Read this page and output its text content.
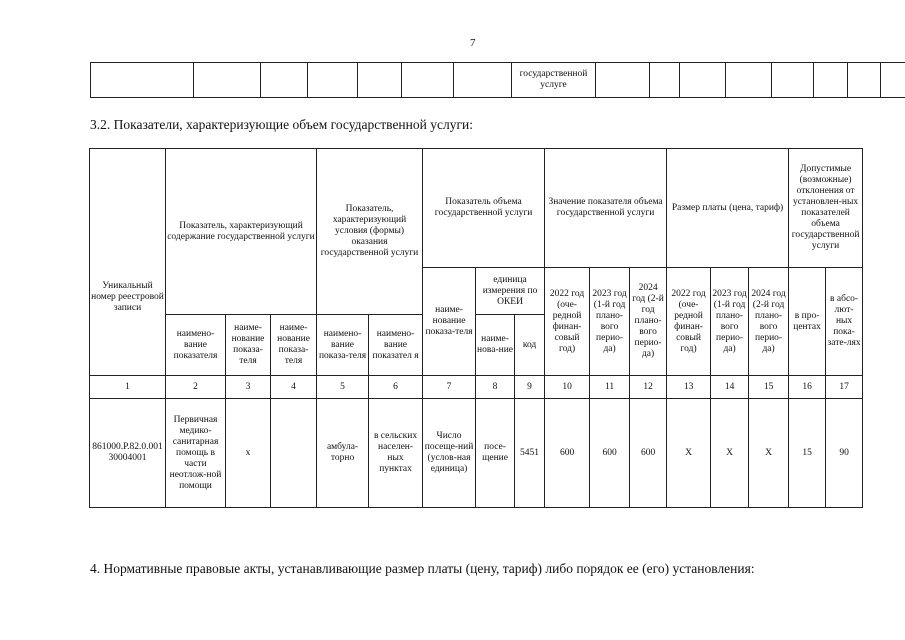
7
							государственной услуге								
3.2. Показатели, характеризующие объем государственной услуги:
Уникальный номер реестровой записи	Показатель, характеризующий содержание государственной услуги			Показатель, характеризующий условия (формы) оказания государственной услуги		Показатель объема государственной услуги			Значение показателя объема государственной услуги			Размер платы (цена, тариф)			Допустимые (возможные) отклонения от установлен-ных показателей объема государственной услуги	

						наиме-нование показа-теля	единица измерения по ОКЕИ		2022 год (оче-редной финан-совый год)	2023 год (1-й год плано-вого перио-да)	2024 год (2-й год плано-вого перио-да)	2022 год (оче-редной финан-совый год)	2023 год (1-й год плано-вого перио-да)	2024 год (2-й год плано-вого перио-да)	в про-центах	в абсо-лют-ных пока-зате-лях
	наимено-вание показателя	наиме-нование показа-теля	наиме-нование показа-теля	наимено-вание показа-теля	наимено-вание показател я		наиме-нова-ние	код								
1	2	3	4	5	6	7	8	9	10	11	12	13	14	15	16	17
861000.Р.82.0.00130004001	Первичная медико-санитарная помощь в части неотлож-ной помощи	х		амбула-торно	в сельских населен-ных пунктах	Число посеще-ний (услов-ная единица)	посе-щение	5451	600	600	600	Х	Х	Х	15	90
4. Нормативные правовые акты, устанавливающие размер платы (цену, тариф) либо порядок ее (его) установления:
